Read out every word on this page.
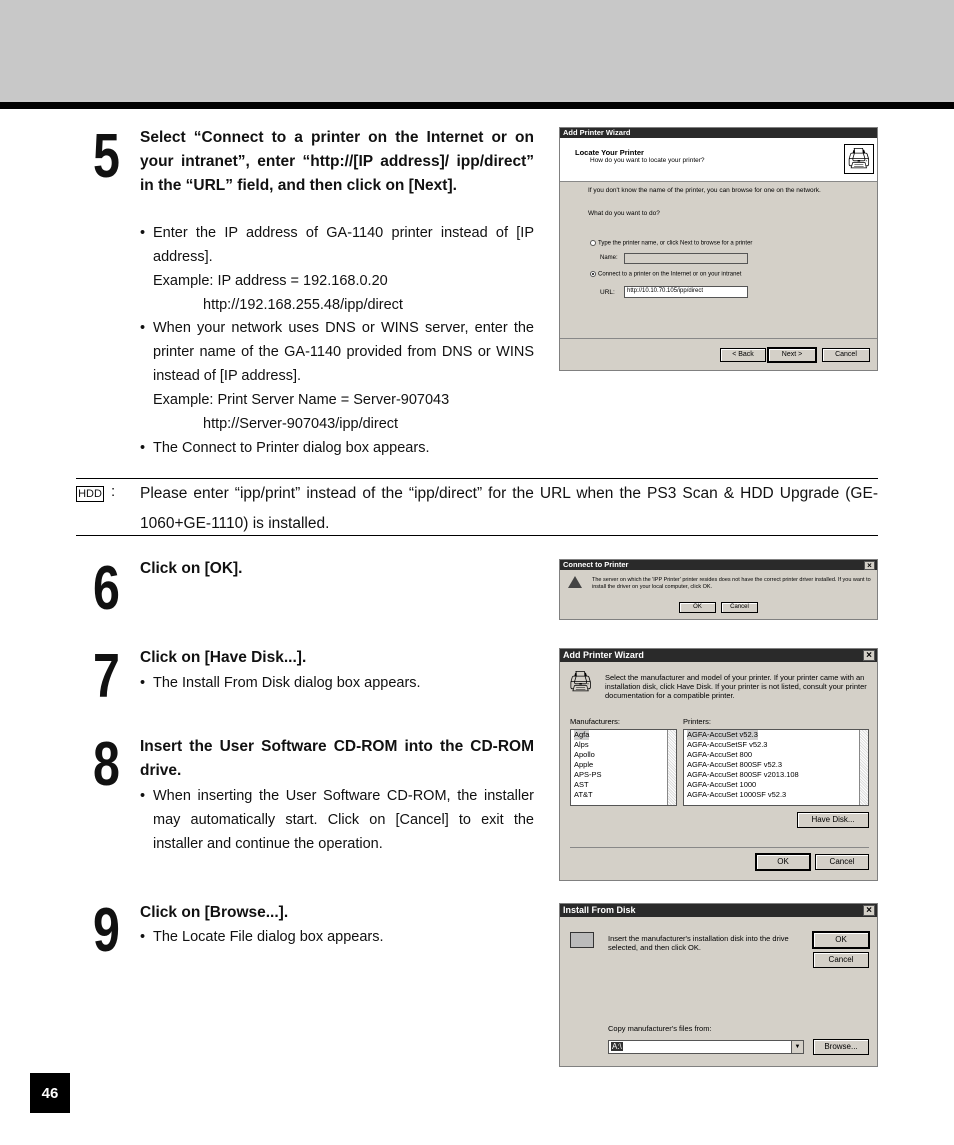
5 Select “Connect to a printer on the Internet or on your intranet”, enter “http://[IP address]/ ipp/direct” in the “URL” field, and then click on [Next].
• Enter the IP address of GA-1140 printer instead of [IP address].
Example: IP address = 192.168.0.20
http://192.168.255.48/ipp/direct
• When your network uses DNS or WINS server, enter the printer name of the GA-1140 provided from DNS or WINS instead of [IP address].
Example: Print Server Name = Server-907043
http://Server-907043/ipp/direct
• The Connect to Printer dialog box appears.
Add Printer Wizard
Locate Your Printer
How do you want to locate your printer?	🖨
If you don't know the name of the printer, you can browse for one on the network.
What do you want to do?
Type the printer name, or click Next to browse for a printer
Name:
Connect to a printer on the Internet or on your intranet
URL:	http://10.10.70.105/ipp/direct
< Back	Next >	Cancel
HDD : Please enter “ipp/print” instead of the “ipp/direct” for the URL when the PS3 Scan & HDD Upgrade (GE-1060+GE-1110) is installed.
6 Click on [OK].	Connect to Printer	×
The server on which the 'IPP Printer' printer resides does not have the correct printer driver installed. If you want to install the driver on your local computer, click OK.
OK	Cancel
7 Click on [Have Disk...].
• The Install From Disk dialog box appears.
8 Insert the User Software CD-ROM into the CD-ROM drive.
• When inserting the User Software CD-ROM, the installer may automatically start. Click on [Cancel] to exit the installer and continue the operation.
Add Printer Wizard	×
🖨 Select the manufacturer and model of your printer. If your printer came with an installation disk, click Have Disk. If your printer is not listed, consult your printer documentation for a compatible printer.
Manufacturers:	Printers:
Agfa
Alps
Apollo
Apple
APS-PS
AST
AT&T
AGFA-AccuSet v52.3
AGFA-AccuSetSF v52.3
AGFA-AccuSet 800
AGFA-AccuSet 800SF v52.3
AGFA-AccuSet 800SF v2013.108
AGFA-AccuSet 1000
AGFA-AccuSet 1000SF v52.3
Have Disk...
OK	Cancel
9 Click on [Browse...].
• The Locate File dialog box appears.
Install From Disk	×
Insert the manufacturer's installation disk into the drive selected, and then click OK.
OK
Cancel
Copy manufacturer's files from:
A:\	▼	Browse...
46
